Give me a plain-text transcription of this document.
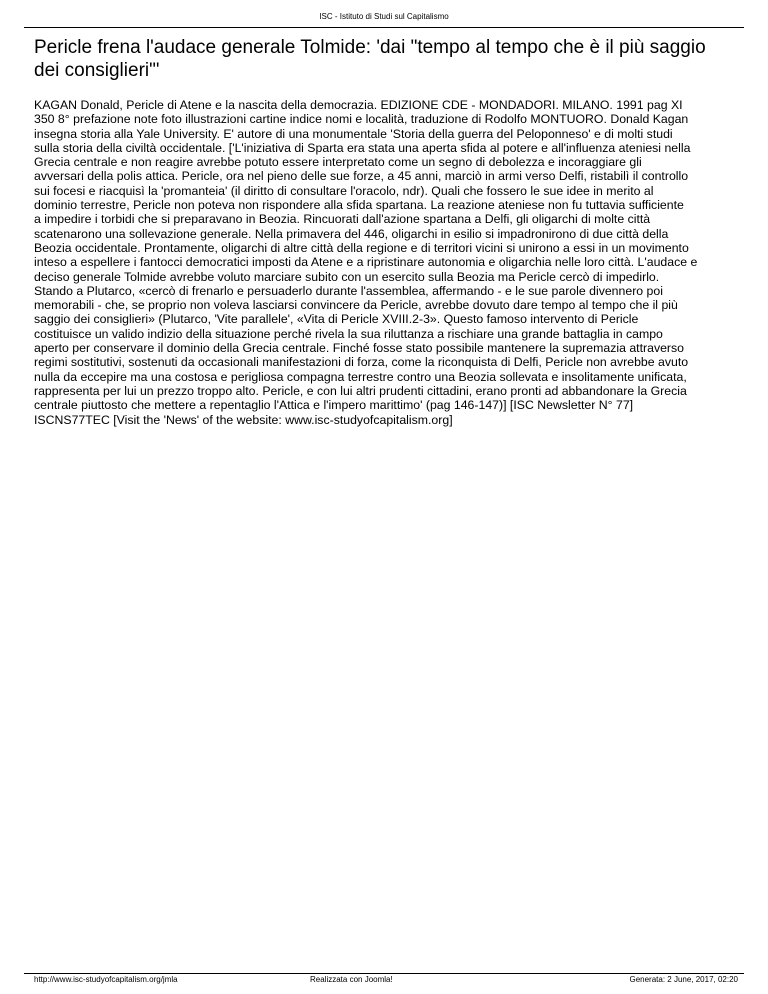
ISC - Istituto di Studi sul Capitalismo
Pericle frena l'audace generale Tolmide: 'dai "tempo al tempo che è il più saggio dei consiglieri"'

KAGAN Donald, Pericle di Atene e la nascita della democrazia. EDIZIONE CDE - MONDADORI. MILANO. 1991 pag XI
350 8° prefazione note foto illustrazioni cartine indice nomi e località, traduzione di Rodolfo MONTUORO. Donald Kagan
insegna storia alla Yale University. E' autore di una monumentale 'Storia della guerra del Peloponneso' e di molti studi
sulla storia della civiltà occidentale. ['L'iniziativa di Sparta era stata una aperta sfida al potere e all'influenza ateniesi nella
Grecia centrale e non reagire avrebbe potuto essere interpretato come un segno di debolezza e incoraggiare gli
avversari della polis attica. Pericle, ora nel pieno delle sue forze, a 45 anni, marciò in armi verso Delfi, ristabilì il controllo
sui focesi e riacquisì la 'promanteia' (il diritto di consultare l'oracolo, ndr). Quali che fossero le sue idee in merito al
dominio terrestre, Pericle non poteva non rispondere alla sfida spartana. La reazione ateniese non fu tuttavia sufficiente
a impedire i torbidi che si preparavano in Beozia. Rincuorati dall'azione spartana a Delfi, gli oligarchi di molte città
scatenarono una sollevazione generale. Nella primavera del 446, oligarchi in esilio si impadronirono di due città della
Beozia occidentale. Prontamente, oligarchi di altre città della regione e di territori vicini si unirono a essi in un movimento
inteso a espellere i fantocci democratici imposti da Atene e a ripristinare autonomia e oligarchia nelle loro città. L'audace e
deciso generale Tolmide avrebbe voluto marciare subito con un esercito sulla Beozia ma Pericle cercò di impedirlo.
Stando a Plutarco, «cercò di frenarlo e persuaderlo durante l'assemblea, affermando - e le sue parole divennero poi
memorabili - che, se proprio non voleva lasciarsi convincere da Pericle, avrebbe dovuto dare tempo al tempo che il più
saggio dei consiglieri» (Plutarco, 'Vite parallele', «Vita di Pericle XVIII.2-3». Questo famoso intervento di Pericle
costituisce un valido indizio della situazione perché rivela la sua riluttanza a rischiare una grande battaglia in campo
aperto per conservare il dominio della Grecia centrale. Finché fosse stato possibile mantenere la supremazia attraverso
regimi sostitutivi, sostenuti da occasionali manifestazioni di forza, come la riconquista di Delfi, Pericle non avrebbe avuto
nulla da eccepire ma una costosa e perigliosa compagna terrestre contro una Beozia sollevata e insolitamente unificata,
rappresenta per lui un prezzo troppo alto. Pericle, e con lui altri prudenti cittadini, erano pronti ad abbandonare la Grecia
centrale piuttosto che mettere a repentaglio l'Attica e l'impero marittimo' (pag 146-147)] [ISC Newsletter N° 77]
ISCNS77TEC [Visit the 'News' of the website: www.isc-studyofcapitalism.org]

http://www.isc-studyofcapitalism.org/jmla	Realizzata con Joomla!	Generata: 2 June, 2017, 02:20
